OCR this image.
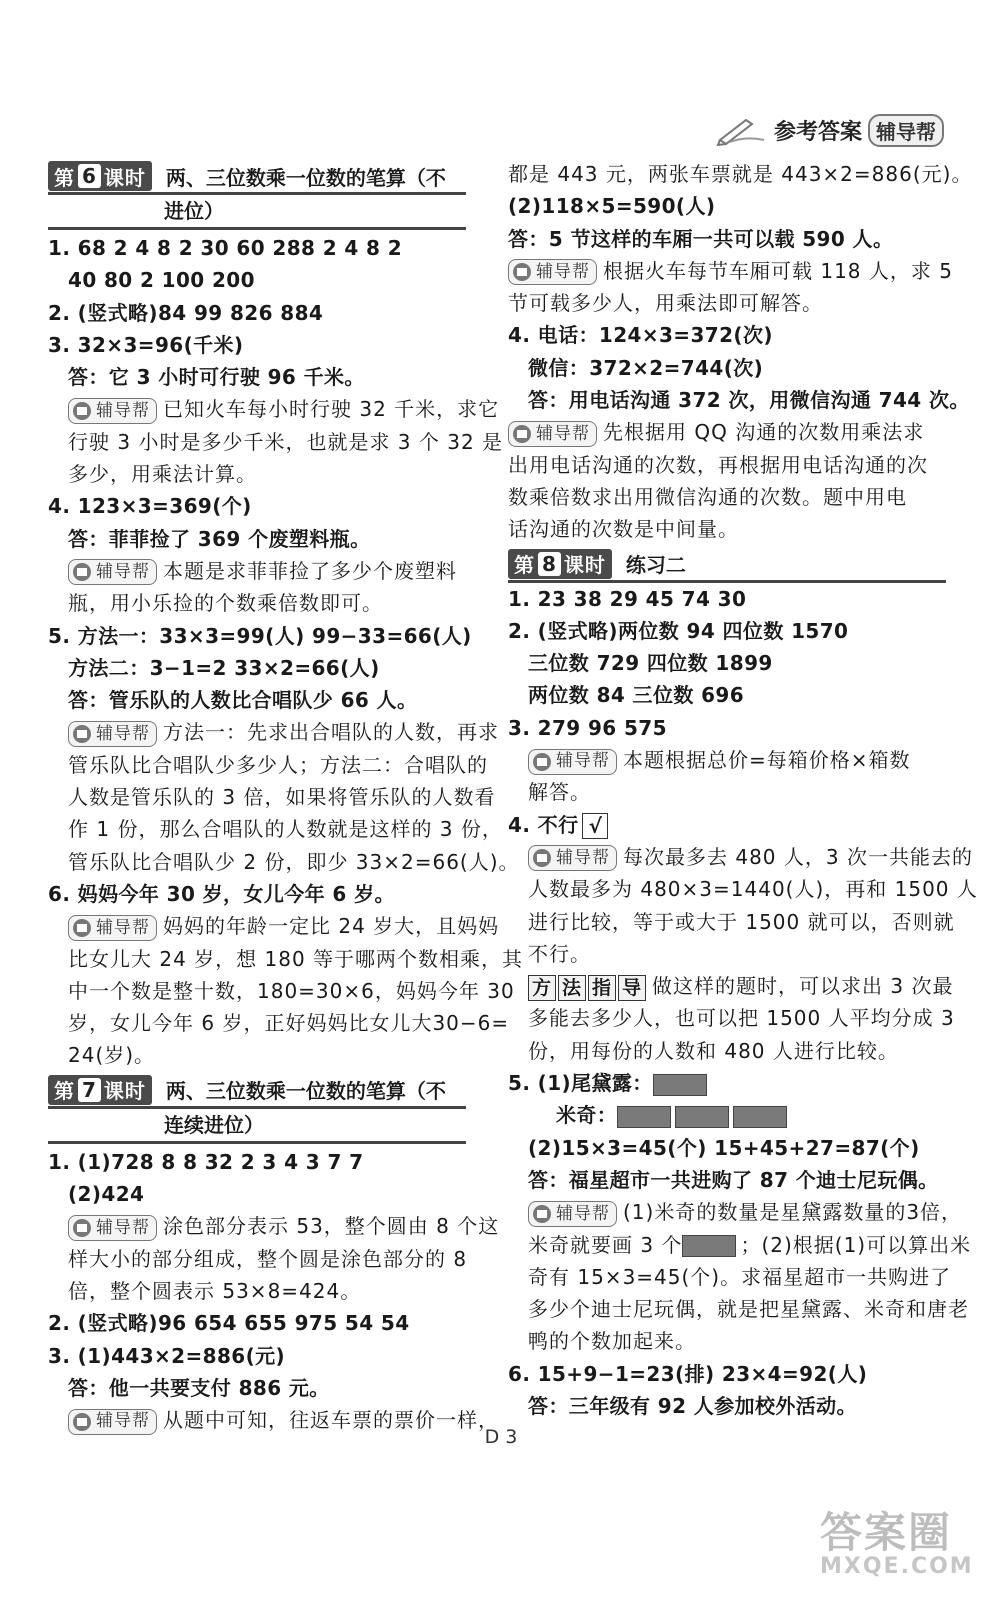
参考答案 辅导帮
第 6 课时 两、三位数乘一位数的笔算（不
进位）
1. 68 2 4 8 2 30 60 288 2 4 8 2
40 80 2 100 200
2. (竖式略)84 99 826 884
3. 32×3=96(千米)
答：它 3 小时可行驶 96 千米。
辅导帮 已知火车每小时行驶 32 千米，求它
行驶 3 小时是多少千米，也就是求 3 个 32 是
多少，用乘法计算。
4. 123×3=369(个)
答：菲菲捡了 369 个废塑料瓶。
辅导帮 本题是求菲菲捡了多少个废塑料
瓶，用小乐捡的个数乘倍数即可。
5. 方法一：33×3=99(人) 99−33=66(人)
方法二：3−1=2 33×2=66(人)
答：管乐队的人数比合唱队少 66 人。
辅导帮 方法一：先求出合唱队的人数，再求
管乐队比合唱队少多少人；方法二：合唱队的
人数是管乐队的 3 倍，如果将管乐队的人数看
作 1 份，那么合唱队的人数就是这样的 3 份，
管乐队比合唱队少 2 份，即少 33×2=66(人)。
6. 妈妈今年 30 岁，女儿今年 6 岁。
辅导帮 妈妈的年龄一定比 24 岁大，且妈妈
比女儿大 24 岁，想 180 等于哪两个数相乘，其
中一个数是整十数，180=30×6，妈妈今年 30
岁，女儿今年 6 岁，正好妈妈比女儿大30−6=
24(岁)。
第 7 课时 两、三位数乘一位数的笔算（不
连续进位）
1. (1)728 8 8 32 2 3 4 3 7 7
(2)424
辅导帮 涂色部分表示 53，整个圆由 8 个这
样大小的部分组成，整个圆是涂色部分的 8
倍，整个圆表示 53×8=424。
2. (竖式略)96 654 655 975 54 54
3. (1)443×2=886(元)
答：他一共要支付 886 元。
辅导帮 从题中可知，往返车票的票价一样，
都是 443 元，两张车票就是 443×2=886(元)。
(2)118×5=590(人)
答：5 节这样的车厢一共可以载 590 人。
辅导帮 根据火车每节车厢可载 118 人，求 5
节可载多少人，用乘法即可解答。
4. 电话：124×3=372(次)
微信：372×2=744(次)
答：用电话沟通 372 次，用微信沟通 744 次。
辅导帮 先根据用 QQ 沟通的次数用乘法求
出用电话沟通的次数，再根据用电话沟通的次
数乘倍数求出用微信沟通的次数。题中用电
话沟通的次数是中间量。
第 8 课时 练习二
1. 23 38 29 45 74 30
2. (竖式略)两位数 94 四位数 1570
三位数 729 四位数 1899
两位数 84 三位数 696
3. 279 96 575
辅导帮 本题根据总价=每箱价格×箱数
解答。
4. 不行 √
辅导帮 每次最多去 480 人，3 次一共能去的
人数最多为 480×3=1440(人)，再和 1500 人
进行比较，等于或大于 1500 就可以，否则就
不行。
方 法 指 导 做这样的题时，可以求出 3 次最
多能去多少人，也可以把 1500 人平均分成 3
份，用每份的人数和 480 人进行比较。
5. (1)尾黛露：
米奇：
(2)15×3=45(个) 15+45+27=87(个)
答：福星超市一共进购了 87 个迪士尼玩偶。
辅导帮 (1)米奇的数量是星黛露数量的3倍，
米奇就要画 3 个	；(2)根据(1)可以算出米
奇有 15×3=45(个)。求福星超市一共购进了
多少个迪士尼玩偶，就是把星黛露、米奇和唐老
鸭的个数加起来。
6. 15+9−1=23(排) 23×4=92(人)
答：三年级有 92 人参加校外活动。
D 3
答案圈
MXQE.COM
